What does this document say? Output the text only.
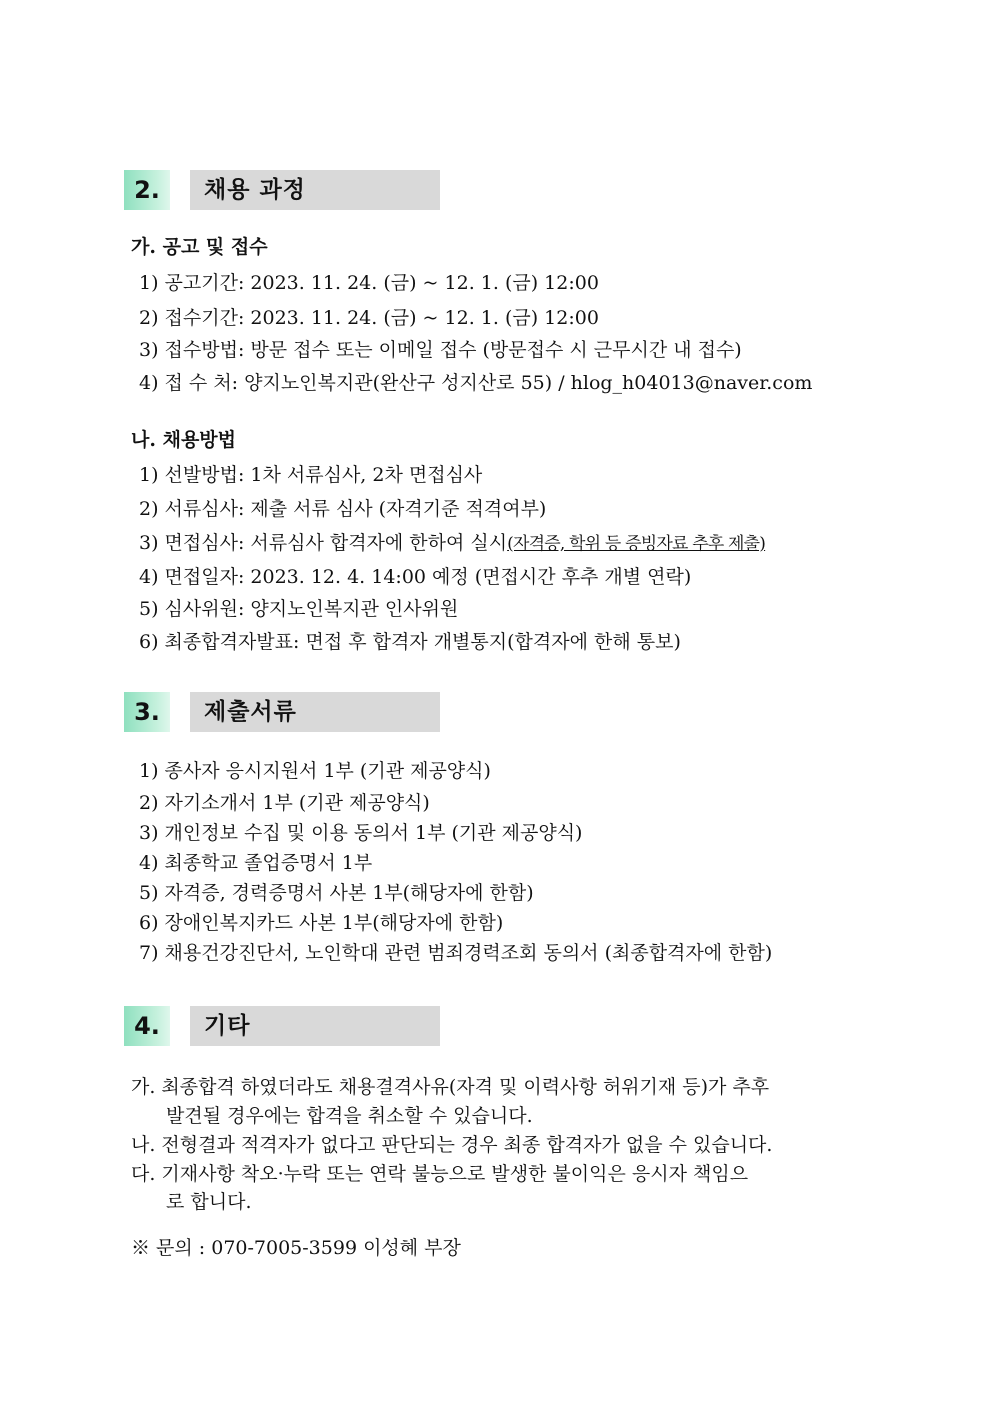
2.	채용 과정
가. 공고 및 접수
1) 공고기간: 2023. 11. 24. (금) ~ 12. 1. (금) 12:00
2) 접수기간: 2023. 11. 24. (금) ~ 12. 1. (금) 12:00
3) 접수방법: 방문 접수 또는 이메일 접수 (방문접수 시 근무시간 내 접수)
4) 접 수 처: 양지노인복지관(완산구 성지산로 55) / hlog_h04013@naver.com
나. 채용방법
1) 선발방법: 1차 서류심사, 2차 면접심사
2) 서류심사: 제출 서류 심사 (자격기준 적격여부)
3) 면접심사: 서류심사 합격자에 한하여 실시(자격증, 학위 등 증빙자료 추후 제출)
4) 면접일자: 2023. 12. 4. 14:00 예정 (면접시간 후추 개별 연락)
5) 심사위원: 양지노인복지관 인사위원
6) 최종합격자발표: 면접 후 합격자 개별통지(합격자에 한해 통보)
3.	제출서류
1) 종사자 응시지원서 1부 (기관 제공양식)
2) 자기소개서 1부 (기관 제공양식)
3) 개인정보 수집 및 이용 동의서 1부 (기관 제공양식)
4) 최종학교 졸업증명서 1부
5) 자격증, 경력증명서 사본 1부(해당자에 한함)
6) 장애인복지카드 사본 1부(해당자에 한함)
7) 채용건강진단서, 노인학대 관련 범죄경력조회 동의서 (최종합격자에 한함)
4.	기타
가. 최종합격 하였더라도 채용결격사유(자격 및 이력사항 허위기재 등)가 추후
발견될 경우에는 합격을 취소할 수 있습니다.
나. 전형결과 적격자가 없다고 판단되는 경우 최종 합격자가 없을 수 있습니다.
다. 기재사항 착오·누락 또는 연락 불능으로 발생한 불이익은 응시자 책임으
로 합니다.
※ 문의 : 070-7005-3599 이성혜 부장
